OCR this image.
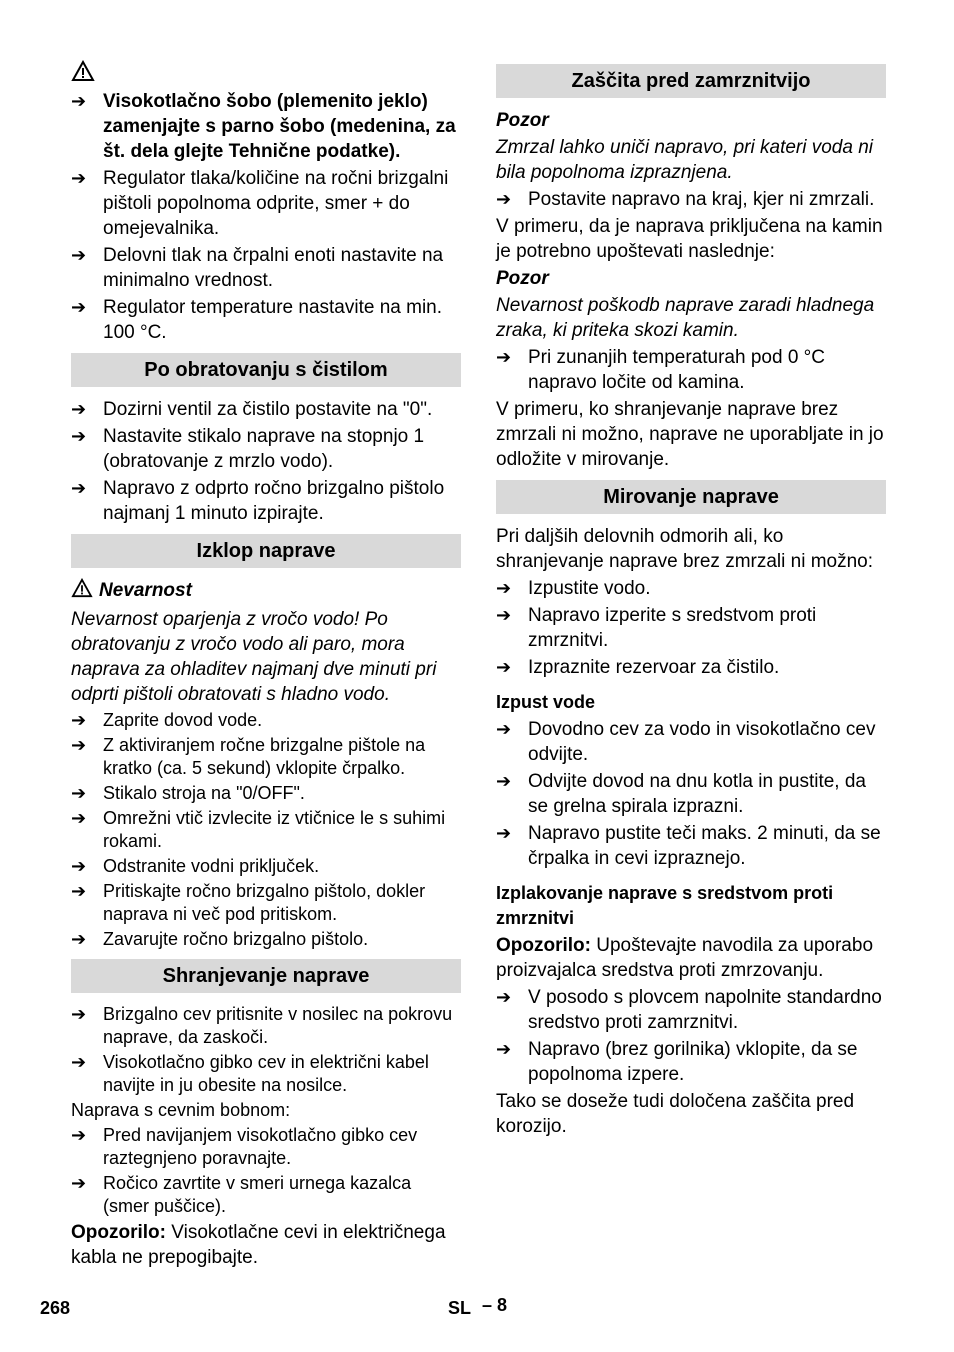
➔ Visokotlačno šobo (plemenito jeklo) zamenjajte s parno šobo (medenina, za št. dela glejte Tehnične podatke).
➔ Regulator tlaka/količine na ročni brizgalni pištoli popolnoma odprite, smer + do omejevalnika.
➔ Delovni tlak na črpalni enoti nastavite na minimalno vrednost.
➔ Regulator temperature nastavite na min. 100 °C.
Po obratovanju s čistilom
➔ Dozirni ventil za čistilo postavite na "0".
➔ Nastavite stikalo naprave na stopnjo 1 (obratovanje z mrzlo vodo).
➔ Napravo z odprto ročno brizgalno pištolo najmanj 1 minuto izpirajte.
Izklop naprave
Nevarnost
Nevarnost oparjenja z vročo vodo! Po obratovanju z vročo vodo ali paro, mora naprava za ohladitev najmanj dve minuti pri odprti pištoli obratovati s hladno vodo.
➔ Zaprite dovod vode.
➔ Z aktiviranjem ročne brizgalne pištole na kratko (ca. 5 sekund) vklopite črpalko.
➔ Stikalo stroja na "0/OFF".
➔ Omrežni vtič izvlecite iz vtičnice le s suhimi rokami.
➔ Odstranite vodni priključek.
➔ Pritiskajte ročno brizgalno pištolo, dokler naprava ni več pod pritiskom.
➔ Zavarujte ročno brizgalno pištolo.
Shranjevanje naprave
➔ Brizgalno cev pritisnite v nosilec na pokrovu naprave, da zaskoči.
➔ Visokotlačno gibko cev in električni kabel navijte in ju obesite na nosilce.
Naprava s cevnim bobnom:
➔ Pred navijanjem visokotlačno gibko cev raztegnjeno poravnajte.
➔ Ročico zavrtite v smeri urnega kazalca (smer puščice).
Opozorilo: Visokotlačne cevi in električnega kabla ne prepogibajte.
Zaščita pred zamrznitvijo
Pozor
Zmrzal lahko uniči napravo, pri kateri voda ni bila popolnoma izpraznjena.
➔ Postavite napravo na kraj, kjer ni zmrzali.
V primeru, da je naprava priključena na kamin je potrebno upoštevati naslednje:
Pozor
Nevarnost poškodb naprave zaradi hladnega zraka, ki priteka skozi kamin.
➔ Pri zunanjih temperaturah pod 0 °C napravo ločite od kamina.
V primeru, ko shranjevanje naprave brez zmrzali ni možno, naprave ne uporabljate in jo odložite v mirovanje.
Mirovanje naprave
Pri daljših delovnih odmorih ali, ko shranjevanje naprave brez zmrzali ni možno:
➔ Izpustite vodo.
➔ Napravo izperite s sredstvom proti zmrznitvi.
➔ Izpraznite rezervoar za čistilo.
Izpust vode
➔ Dovodno cev za vodo in visokotlačno cev odvijte.
➔ Odvijte dovod na dnu kotla in pustite, da se grelna spirala izprazni.
➔ Napravo pustite teči maks. 2 minuti, da se črpalka in cevi izpraznejo.
Izplakovanje naprave s sredstvom proti zmrznitvi
Opozorilo: Upoštevajte navodila za uporabo proizvajalca sredstva proti zmrzovanju.
➔ V posodo s plovcem napolnite standardno sredstvo proti zamrznitvi.
➔ Napravo (brez gorilnika) vklopite, da se popolnoma izpere.
Tako se doseže tudi določena zaščita pred korozijo.
268	SL – 8
